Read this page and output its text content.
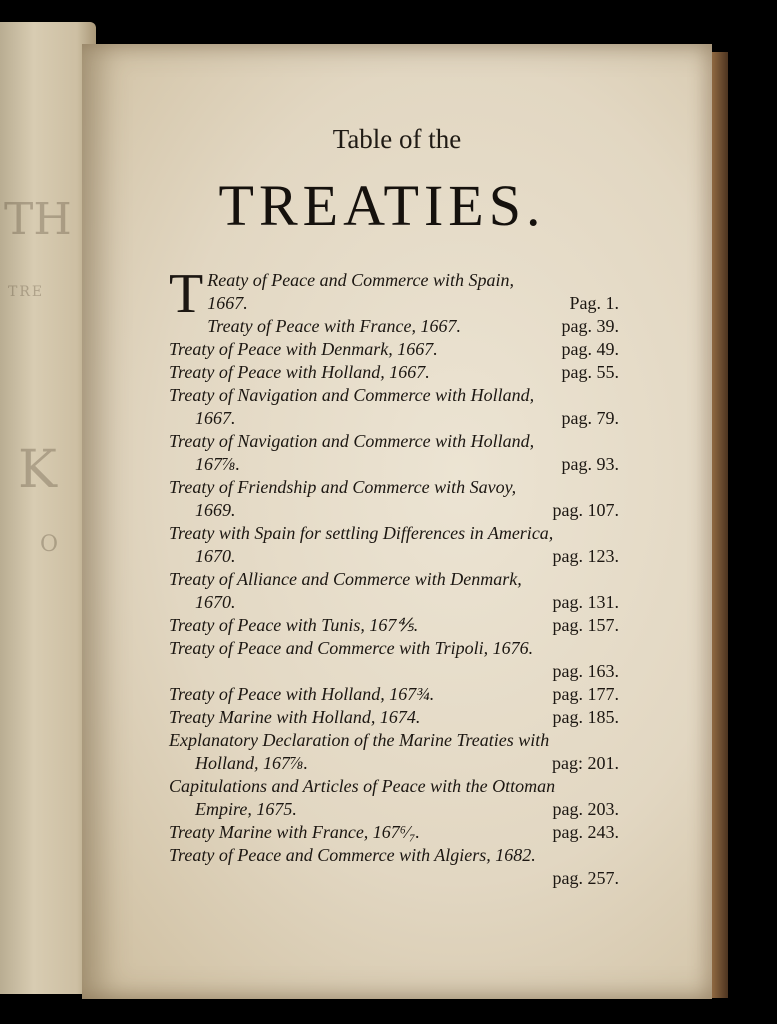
TH
TRE
K
O
Table of the
TREATIES.
T Reaty of Peace and Commerce with Spain,
1667.	Pag. 1.
Treaty of Peace with France, 1667.	pag. 39.
Treaty of Peace with Denmark, 1667.	pag. 49.
Treaty of Peace with Holland, 1667.	pag. 55.
Treaty of Navigation and Commerce with Holland,
1667.	pag. 79.
Treaty of Navigation and Commerce with Holland,
167⅞.	pag. 93.
Treaty of Friendship and Commerce with Savoy,
1669.	pag. 107.
Treaty with Spain for settling Differences in America,
1670.	pag. 123.
Treaty of Alliance and Commerce with Denmark,
1670.	pag. 131.
Treaty of Peace with Tunis, 167⅘.	pag. 157.
Treaty of Peace and Commerce with Tripoli, 1676.
pag. 163.
Treaty of Peace with Holland, 167¾.	pag. 177.
Treaty Marine with Holland, 1674.	pag. 185.
Explanatory Declaration of the Marine Treaties with
Holland, 167⅞.	pag: 201.
Capitulations and Articles of Peace with the Ottoman
Empire, 1675.	pag. 203.
Treaty Marine with France, 167⁶⁄₇.	pag. 243.
Treaty of Peace and Commerce with Algiers, 1682.
pag. 257.
